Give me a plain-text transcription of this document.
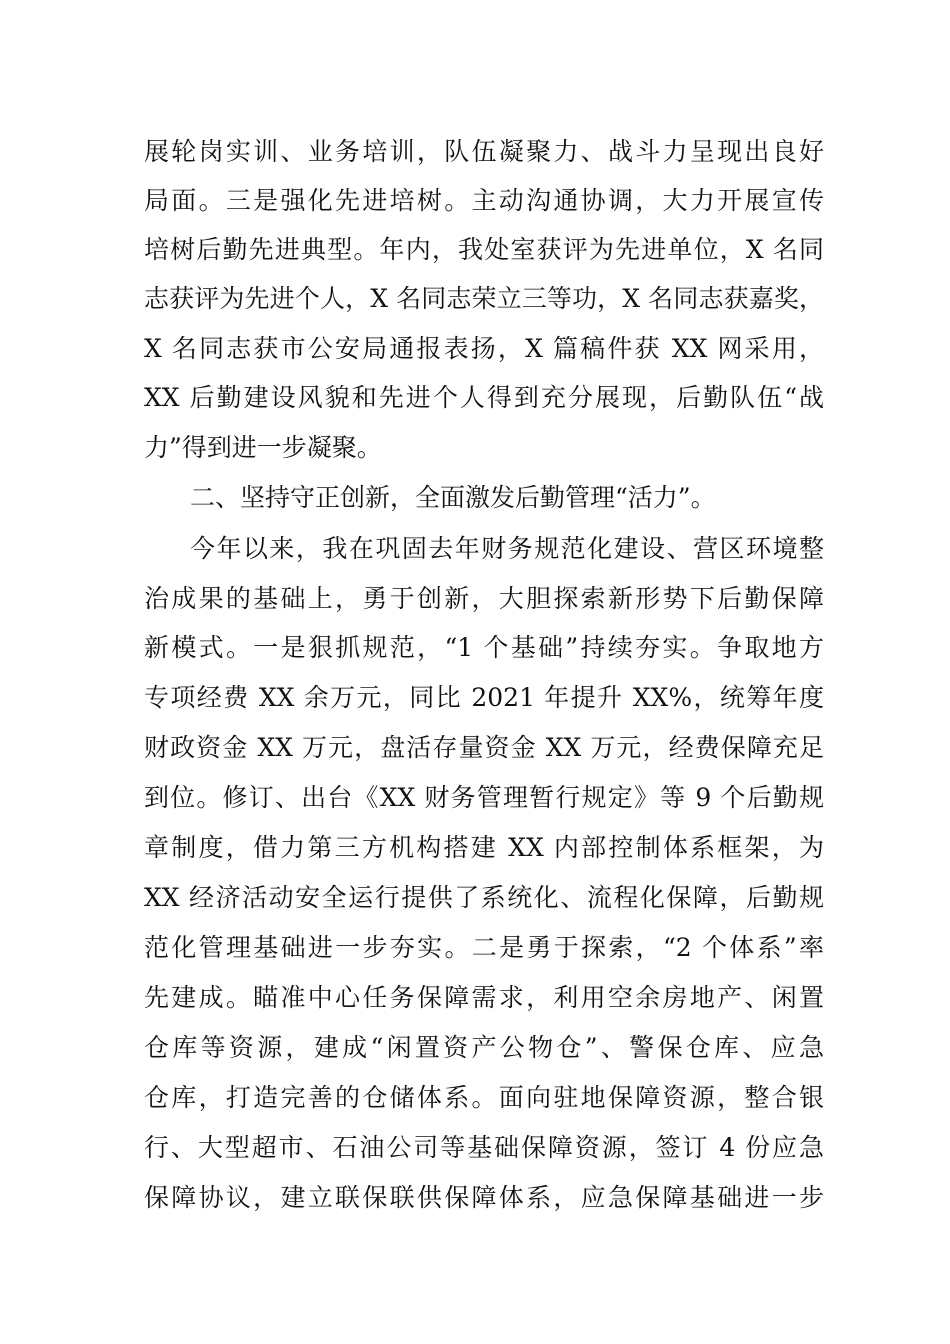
展轮岗实训、业务培训，队伍凝聚力、战斗力呈现出良好
局面。三是强化先进培树。主动沟通协调，大力开展宣传
培树后勤先进典型。年内，我处室获评为先进单位，X 名同
志获评为先进个人，X 名同志荣立三等功，X 名同志获嘉奖，
X 名同志获市公安局通报表扬，X 篇稿件获 XX 网采用，
XX 后勤建设风貌和先进个人得到充分展现，后勤队伍“战
力”得到进一步凝聚。
二、坚持守正创新，全面激发后勤管理“活力”。
今年以来，我在巩固去年财务规范化建设、营区环境整
治成果的基础上，勇于创新，大胆探索新形势下后勤保障
新模式。一是狠抓规范，“1 个基础”持续夯实。争取地方
专项经费 XX 余万元，同比 2021 年提升 XX%，统筹年度
财政资金 XX 万元，盘活存量资金 XX 万元，经费保障充足
到位。修订、出台《XX 财务管理暂行规定》等 9 个后勤规
章制度，借力第三方机构搭建 XX 内部控制体系框架，为
XX 经济活动安全运行提供了系统化、流程化保障，后勤规
范化管理基础进一步夯实。二是勇于探索，“2 个体系”率
先建成。瞄准中心任务保障需求，利用空余房地产、闲置
仓库等资源，建成“闲置资产公物仓”、警保仓库、应急
仓库，打造完善的仓储体系。面向驻地保障资源，整合银
行、大型超市、石油公司等基础保障资源，签订 4 份应急
保障协议，建立联保联供保障体系，应急保障基础进一步
